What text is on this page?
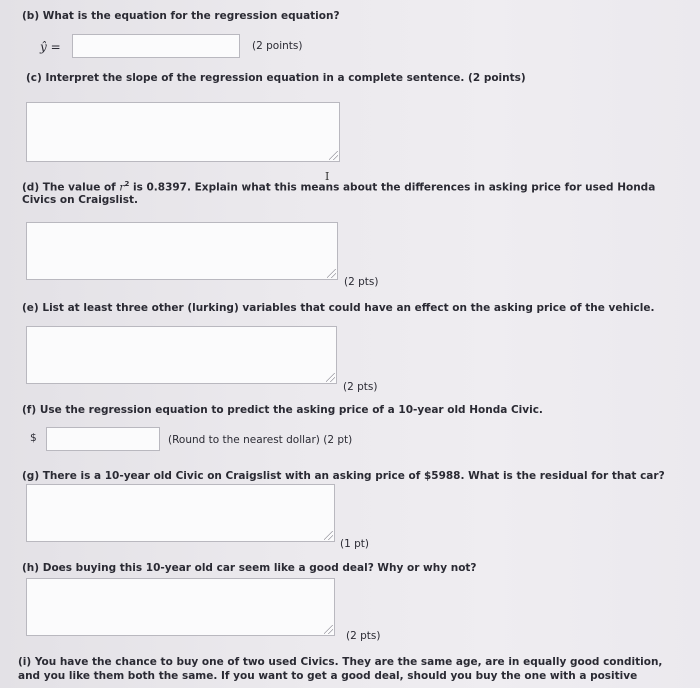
(b) What is the equation for the regression equation?
ŷ =	(2 points)
(c) Interpret the slope of the regression equation in a complete sentence. (2 points)
(d) The value of $r^2$ is 0.8397. Explain what this means about the differences in asking price for used Honda
I
Civics on Craigslist.
(2 pts)
(e) List at least three other (lurking) variables that could have an effect on the asking price of the vehicle.
(2 pts)
(f) Use the regression equation to predict the asking price of a 10-year old Honda Civic.
$	(Round to the nearest dollar) (2 pt)
(g) There is a 10-year old Civic on Craigslist with an asking price of $5988. What is the residual for that car?
(1 pt)
(h) Does buying this 10-year old car seem like a good deal? Why or why not?
(2 pts)
(i) You have the chance to buy one of two used Civics. They are the same age, are in equally good condition,
and you like them both the same. If you want to get a good deal, should you buy the one with a positive
